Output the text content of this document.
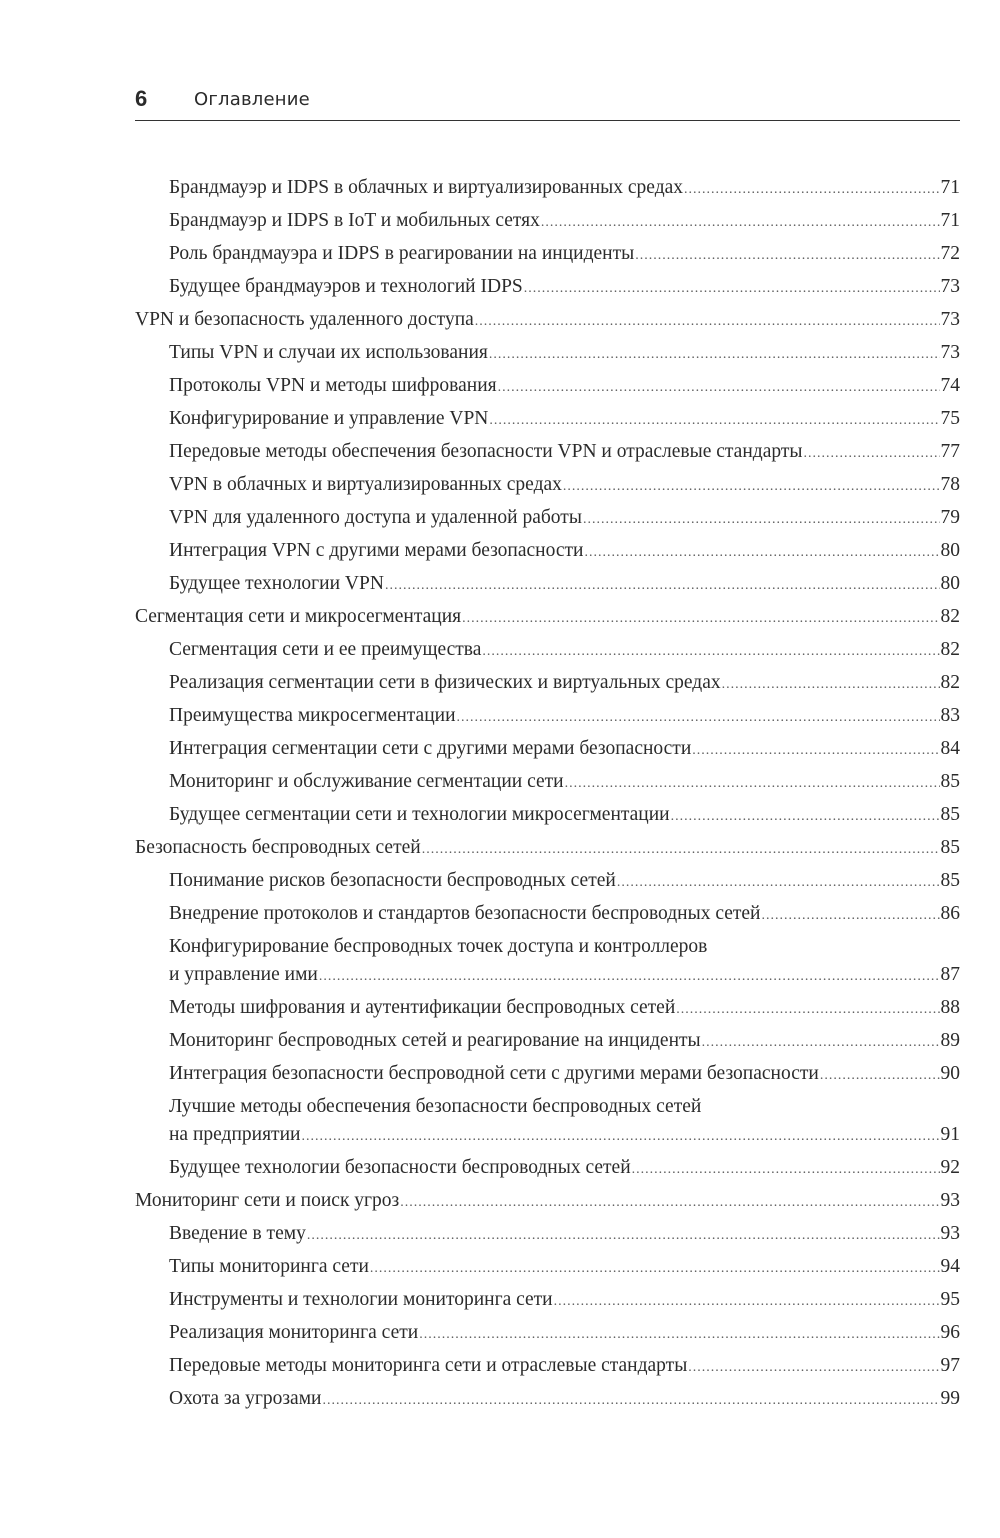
6	Оглавление
Брандмауэр и IDPS в облачных и виртуализированных средах .....	71
Брандмауэр и IDPS в IoT и мобильных сетях .....	71
Роль брандмауэра и IDPS в реагировании на инциденты .....	72
Будущее брандмауэров и технологий IDPS .....	73
VPN и безопасность удаленного доступа .....	73
Типы VPN и случаи их использования .....	73
Протоколы VPN и методы шифрования .....	74
Конфигурирование и управление VPN .....	75
Передовые методы обеспечения безопасности VPN и отраслевые стандарты .....	77
VPN в облачных и виртуализированных средах .....	78
VPN для удаленного доступа и удаленной работы .....	79
Интеграция VPN с другими мерами безопасности .....	80
Будущее технологии VPN .....	80
Сегментация сети и микросегментация .....	82
Сегментация сети и ее преимущества .....	82
Реализация сегментации сети в физических и виртуальных средах .....	82
Преимущества микросегментации .....	83
Интеграция сегментации сети с другими мерами безопасности .....	84
Мониторинг и обслуживание сегментации сети .....	85
Будущее сегментации сети и технологии микросегментации .....	85
Безопасность беспроводных сетей .....	85
Понимание рисков безопасности беспроводных сетей .....	85
Внедрение протоколов и стандартов безопасности беспроводных сетей .....	86
Конфигурирование беспроводных точек доступа и контроллеров
и управление ими .....	87
Методы шифрования и аутентификации беспроводных сетей .....	88
Мониторинг беспроводных сетей и реагирование на инциденты .....	89
Интеграция безопасности беспроводной сети с другими мерами безопасности .....	90
Лучшие методы обеспечения безопасности беспроводных сетей
на предприятии .....	91
Будущее технологии безопасности беспроводных сетей .....	92
Мониторинг сети и поиск угроз .....	93
Введение в тему .....	93
Типы мониторинга сети .....	94
Инструменты и технологии мониторинга сети .....	95
Реализация мониторинга сети .....	96
Передовые методы мониторинга сети и отраслевые стандарты .....	97
Охота за угрозами .....	99
